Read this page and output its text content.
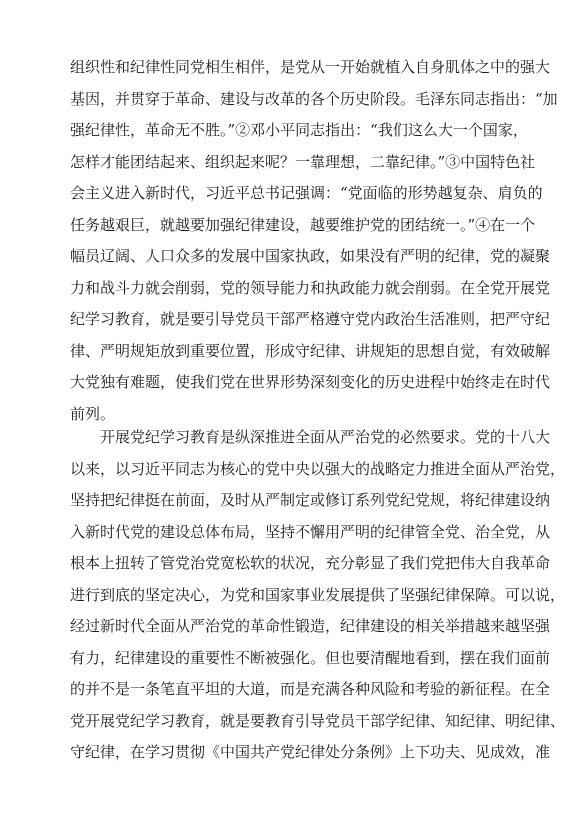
组织性和纪律性同党相生相伴，是党从一开始就植入自身肌体之中的强大
基因，并贯穿于革命、建设与改革的各个历史阶段。毛泽东同志指出：“加
强纪律性，革命无不胜。”②邓小平同志指出：“我们这么大一个国家，
怎样才能团结起来、组织起来呢？一靠理想，二靠纪律。”③中国特色社
会主义进入新时代，习近平总书记强调：“党面临的形势越复杂、肩负的
任务越艰巨，就越要加强纪律建设，越要维护党的团结统一。”④在一个
幅员辽阔、人口众多的发展中国家执政，如果没有严明的纪律，党的凝聚
力和战斗力就会削弱，党的领导能力和执政能力就会削弱。在全党开展党
纪学习教育，就是要引导党员干部严格遵守党内政治生活准则，把严守纪
律、严明规矩放到重要位置，形成守纪律、讲规矩的思想自觉，有效破解
大党独有难题，使我们党在世界形势深刻变化的历史进程中始终走在时代
前列。
开展党纪学习教育是纵深推进全面从严治党的必然要求。党的十八大
以来，以习近平同志为核心的党中央以强大的战略定力推进全面从严治党，
坚持把纪律挺在前面，及时从严制定或修订系列党纪党规，将纪律建设纳
入新时代党的建设总体布局，坚持不懈用严明的纪律管全党、治全党，从
根本上扭转了管党治党宽松软的状况，充分彰显了我们党把伟大自我革命
进行到底的坚定决心，为党和国家事业发展提供了坚强纪律保障。可以说，
经过新时代全面从严治党的革命性锻造，纪律建设的相关举措越来越坚强
有力，纪律建设的重要性不断被强化。但也要清醒地看到，摆在我们面前
的并不是一条笔直平坦的大道，而是充满各种风险和考验的新征程。在全
党开展党纪学习教育，就是要教育引导党员干部学纪律、知纪律、明纪律、
守纪律，在学习贯彻《中国共产党纪律处分条例》上下功夫、见成效，准
